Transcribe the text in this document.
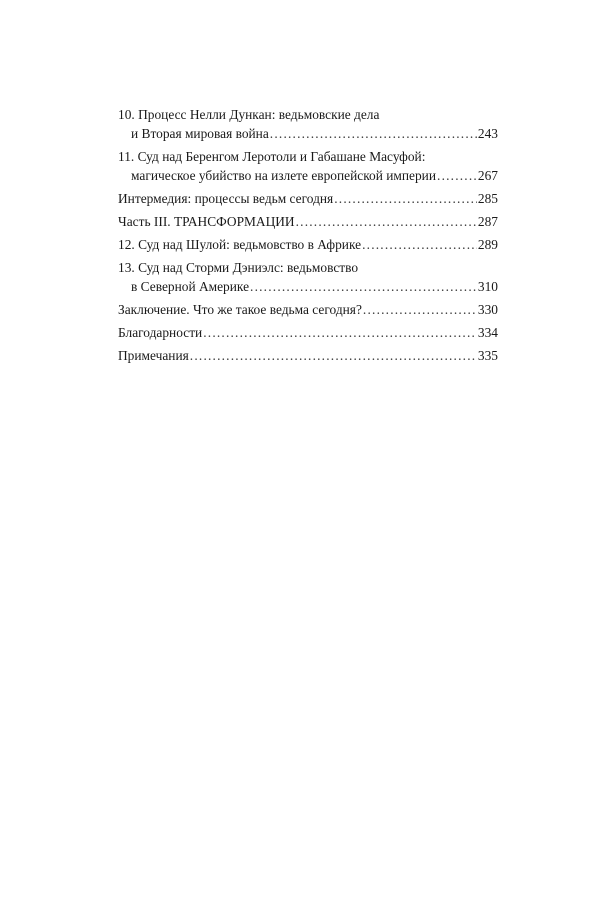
10. Процесс Нелли Дункан: ведьмовские дела
и Вторая мировая война .....	243
11. Суд над Беренгом Леротоли и Габашане Масуфой:
магическое убийство на излете европейской империи .....	267
Интермедия: процессы ведьм сегодня .....	285
Часть III. ТРАНСФОРМАЦИИ .....	287
12. Суд над Шулой: ведьмовство в Африке .....	289
13. Суд над Сторми Дэниэлс: ведьмовство
в Северной Америке .....	310
Заключение. Что же такое ведьма сегодня? .....	330
Благодарности .....	334
Примечания .....	335
